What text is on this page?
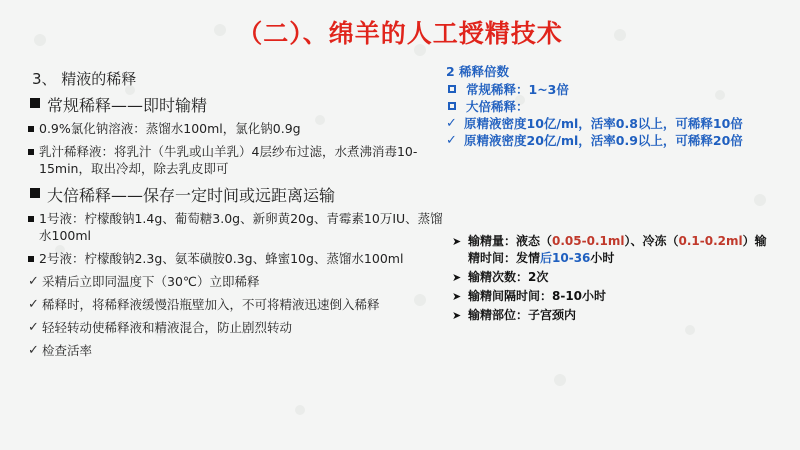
（二）、绵羊的人工授精技术
3、 精液的稀释
常规稀释——即时输精
0.9%氯化钠溶液：蒸馏水100ml，氯化钠0.9g
乳汁稀释液：将乳汁（牛乳或山羊乳）4层纱布过滤，水煮沸消毒10-15min，取出冷却，除去乳皮即可
大倍稀释——保存一定时间或远距离运输
1号液：柠檬酸钠1.4g、葡萄糖3.0g、新卵黄20g、青霉素10万IU、蒸馏水100ml
2号液：柠檬酸钠2.3g、氨苯磺胺0.3g、蜂蜜10g、蒸馏水100ml
✓ 采精后立即同温度下（30℃）立即稀释
✓ 稀释时，将稀释液缓慢沿瓶壁加入，不可将精液迅速倒入稀释
✓ 轻轻转动使稀释液和精液混合，防止剧烈转动
✓ 检查活率
2 稀释倍数
常规稀释：1~3倍
大倍稀释：
✓ 原精液密度10亿/ml，活率0.8以上，可稀释10倍
✓ 原精液密度20亿/ml，活率0.9以上，可稀释20倍
➤ 输精量：液态（0.05-0.1ml）、冷冻（0.1-0.2ml）输精时间：发情后10-36小时
➤ 输精次数：2次
➤ 输精间隔时间：8-10小时
➤ 输精部位：子宫颈内
